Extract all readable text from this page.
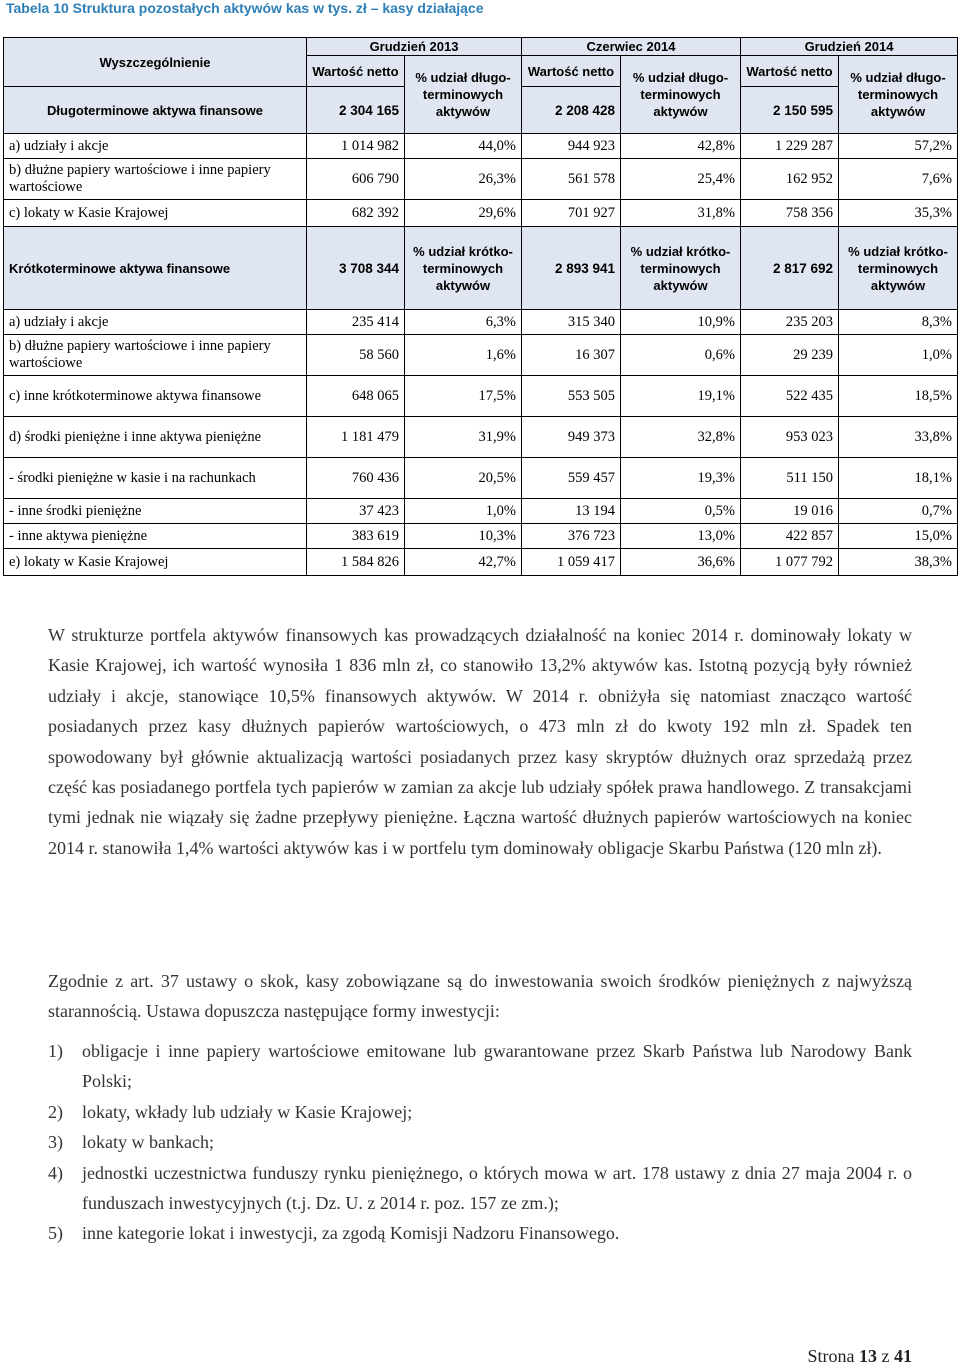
Tabela 10 Struktura pozostałych aktywów kas w tys. zł – kasy działające
Wyszczególnienie	Grudzień 2013		Czerwiec 2014		Grudzień 2014	
	Wartość netto	% udział długo-terminowych aktywów	Wartość netto	% udział długo-terminowych aktywów	Wartość netto	% udział długo-terminowych aktywów
Długoterminowe aktywa finansowe	2 304 165		2 208 428		2 150 595	
a) udziały i akcje	1 014 982	44,0%	944 923	42,8%	1 229 287	57,2%
b) dłużne papiery wartościowe i inne papiery wartościowe	606 790	26,3%	561 578	25,4%	162 952	7,6%
c) lokaty w Kasie Krajowej	682 392	29,6%	701 927	31,8%	758 356	35,3%
Krótkoterminowe aktywa finansowe	3 708 344	% udział krótko-terminowych aktywów	2 893 941	% udział krótko-terminowych aktywów	2 817 692	% udział krótko-terminowych aktywów
a) udziały i akcje	235 414	6,3%	315 340	10,9%	235 203	8,3%
b) dłużne papiery wartościowe i inne papiery wartościowe	58 560	1,6%	16 307	0,6%	29 239	1,0%
c) inne krótkoterminowe aktywa finansowe	648 065	17,5%	553 505	19,1%	522 435	18,5%
d) środki pieniężne i inne aktywa pieniężne	1 181 479	31,9%	949 373	32,8%	953 023	33,8%
- środki pieniężne w kasie i na rachunkach	760 436	20,5%	559 457	19,3%	511 150	18,1%
- inne środki pieniężne	37 423	1,0%	13 194	0,5%	19 016	0,7%
- inne aktywa pieniężne	383 619	10,3%	376 723	13,0%	422 857	15,0%
e) lokaty w Kasie Krajowej	1 584 826	42,7%	1 059 417	36,6%	1 077 792	38,3%
W strukturze portfela aktywów finansowych kas prowadzących działalność na koniec 2014 r. dominowały lokaty w Kasie Krajowej, ich wartość wynosiła 1 836 mln zł, co stanowiło 13,2% aktywów kas. Istotną pozycją były również udziały i akcje, stanowiące 10,5% finansowych aktywów. W 2014 r. obniżyła się natomiast znacząco wartość posiadanych przez kasy dłużnych papierów wartościowych, o 473 mln zł do kwoty 192 mln zł. Spadek ten spowodowany był głównie aktualizacją wartości posiadanych przez kasy skryptów dłużnych oraz sprzedażą przez część kas posiadanego portfela tych papierów w zamian za akcje lub udziały spółek prawa handlowego. Z transakcjami tymi jednak nie wiązały się żadne przepływy pieniężne. Łączna wartość dłużnych papierów wartościowych na koniec 2014 r. stanowiła 1,4% wartości aktywów kas i w portfelu tym dominowały obligacje Skarbu Państwa (120 mln zł).
Zgodnie z art. 37 ustawy o skok, kasy zobowiązane są do inwestowania swoich środków pieniężnych z najwyższą starannością. Ustawa dopuszcza następujące formy inwestycji:
1) obligacje i inne papiery wartościowe emitowane lub gwarantowane przez Skarb Państwa lub Narodowy Bank Polski;
2) lokaty, wkłady lub udziały w Kasie Krajowej;
3) lokaty w bankach;
4) jednostki uczestnictwa funduszy rynku pieniężnego, o których mowa w art. 178 ustawy z dnia 27 maja 2004 r. o funduszach inwestycyjnych (t.j. Dz. U. z 2014 r. poz. 157 ze zm.);
5) inne kategorie lokat i inwestycji, za zgodą Komisji Nadzoru Finansowego.
Strona 13 z 41
